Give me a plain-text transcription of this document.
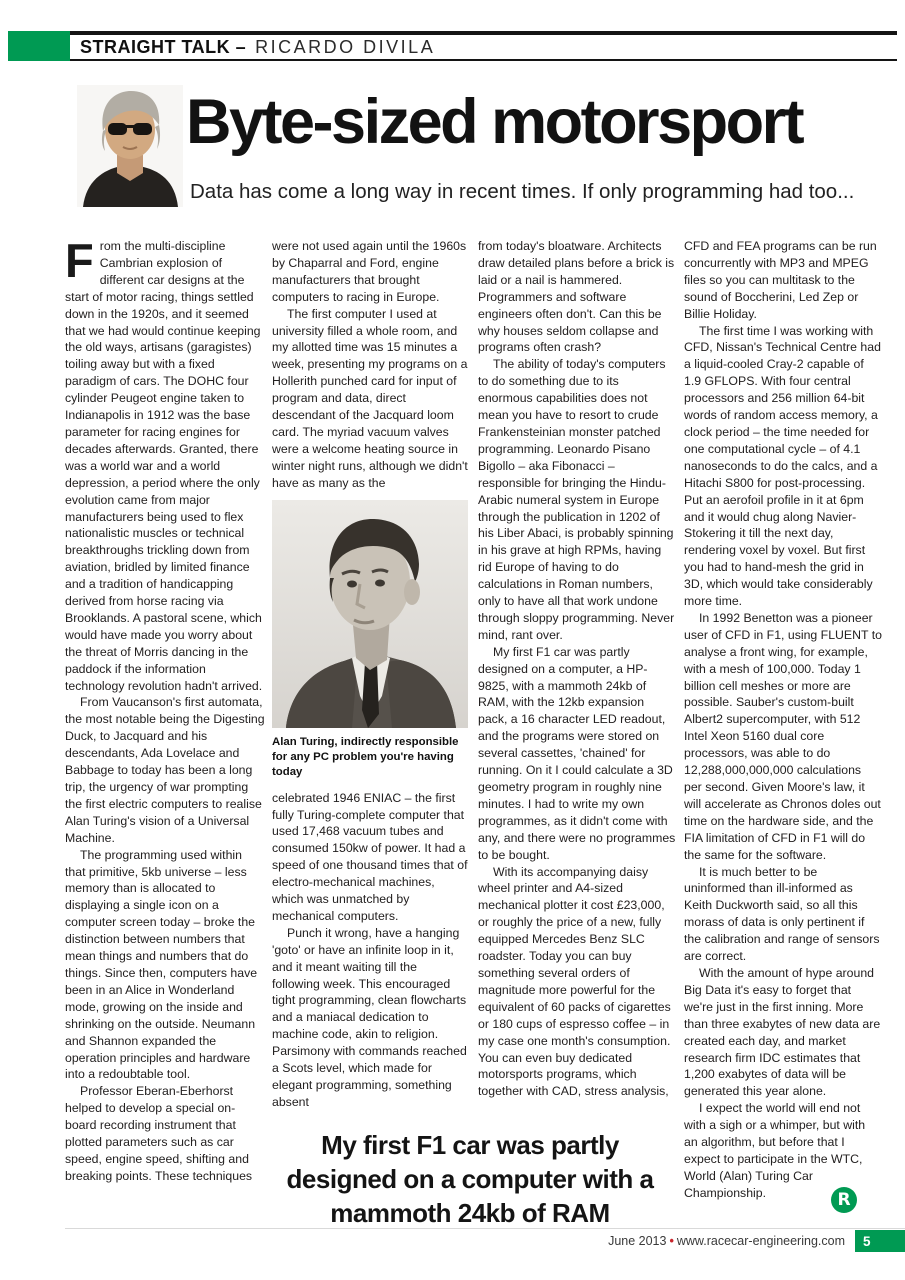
STRAIGHT TALK – RICARDO DIVILA
Byte-sized motorsport
Data has come a long way in recent times. If only programming had too...

From the multi-discipline Cambrian explosion of different car designs at the start of motor racing, things settled down in the 1920s, and it seemed that we had would continue keeping the old ways, artisans (garagistes) toiling away but with a fixed paradigm of cars. The DOHC four cylinder Peugeot engine taken to Indianapolis in 1912 was the base parameter for racing engines for decades afterwards. Granted, there was a world war and a world depression, a period where the only evolution came from major manufacturers being used to flex nationalistic muscles or technical breakthroughs trickling down from aviation, bridled by limited finance and a tradition of handicapping derived from horse racing via Brooklands. A pastoral scene, which would have made you worry about the threat of Morris dancing in the paddock if the information technology revolution hadn't arrived.

From Vaucanson's first automata, the most notable being the Digesting Duck, to Jacquard and his descendants, Ada Lovelace and Babbage to today has been a long trip, the urgency of war prompting the first electric computers to realise Alan Turing's vision of a Universal Machine.

The programming used within that primitive, 5kb universe – less memory than is allocated to displaying a single icon on a computer screen today – broke the distinction between numbers that mean things and numbers that do things. Since then, computers have been in an Alice in Wonderland mode, growing on the inside and shrinking on the outside. Neumann and Shannon expanded the operation principles and hardware into a redoubtable tool.

Professor Eberan-Eberhorst helped to develop a special on-board recording instrument that plotted parameters such as car speed, engine speed, shifting and breaking points. These techniques

were not used again until the 1960s by Chaparral and Ford, engine manufacturers that brought computers to racing in Europe.

The first computer I used at university filled a whole room, and my allotted time was 15 minutes a week, presenting my programs on a Hollerith punched card for input of program and data, direct descendant of the Jacquard loom card. The myriad vacuum valves were a welcome heating source in winter night runs, although we didn't have as many as the

Alan Turing, indirectly responsible for any PC problem you're having today

celebrated 1946 ENIAC – the first fully Turing-complete computer that used 17,468 vacuum tubes and consumed 150kw of power. It had a speed of one thousand times that of electro-mechanical machines, which was unmatched by mechanical computers.

Punch it wrong, have a hanging 'goto' or have an infinite loop in it, and it meant waiting till the following week. This encouraged tight programming, clean flowcharts and a maniacal dedication to machine code, akin to religion. Parsimony with commands reached a Scots level, which made for elegant programming, something absent

from today's bloatware. Architects draw detailed plans before a brick is laid or a nail is hammered. Programmers and software engineers often don't. Can this be why houses seldom collapse and programs often crash?

The ability of today's computers to do something due to its enormous capabilities does not mean you have to resort to crude Frankensteinian monster patched programming. Leonardo Pisano Bigollo – aka Fibonacci – responsible for bringing the Hindu-Arabic numeral system in Europe through the publication in 1202 of his Liber Abaci, is probably spinning in his grave at high RPMs, having rid Europe of having to do calculations in Roman numbers, only to have all that work undone through sloppy programming. Never mind, rant over.

My first F1 car was partly designed on a computer, a HP-9825, with a mammoth 24kb of RAM, with the 12kb expansion pack, a 16 character LED readout, and the programs were stored on several cassettes, 'chained' for running. On it I could calculate a 3D geometry program in roughly nine minutes. I had to write my own programmes, as it didn't come with any, and there were no programmes to be bought.

With its accompanying daisy wheel printer and A4-sized mechanical plotter it cost £23,000, or roughly the price of a new, fully equipped Mercedes Benz SLC roadster. Today you can buy something several orders of magnitude more powerful for the equivalent of 60 packs of cigarettes or 180 cups of espresso coffee – in my case one month's consumption. You can even buy dedicated motorsports programs, which together with CAD, stress analysis,

CFD and FEA programs can be run concurrently with MP3 and MPEG files so you can multitask to the sound of Boccherini, Led Zep or Billie Holiday.

The first time I was working with CFD, Nissan's Technical Centre had a liquid-cooled Cray-2 capable of 1.9 GFLOPS. With four central processors and 256 million 64-bit words of random access memory, a clock period – the time needed for one computational cycle – of 4.1 nanoseconds to do the calcs, and a Hitachi S800 for post-processing. Put an aerofoil profile in it at 6pm and it would chug along Navier-Stokering it till the next day, rendering voxel by voxel. But first you had to hand-mesh the grid in 3D, which would take considerably more time.

In 1992 Benetton was a pioneer user of CFD in F1, using FLUENT to analyse a front wing, for example, with a mesh of 100,000. Today 1 billion cell meshes or more are possible. Sauber's custom-built Albert2 supercomputer, with 512 Intel Xeon 5160 dual core processors, was able to do 12,288,000,000,000 calculations per second. Given Moore's law, it will accelerate as Chronos doles out time on the hardware side, and the FIA limitation of CFD in F1 will do the same for the software.

It is much better to be uninformed than ill-informed as Keith Duckworth said, so all this morass of data is only pertinent if the calibration and range of sensors are correct.

With the amount of hype around Big Data it's easy to forget that we're just in the first inning. More than three exabytes of new data are created each day, and market research firm IDC estimates that 1,200 exabytes of data will be generated this year alone.

I expect the world will end not with a sigh or a whimper, but with an algorithm, but before that I expect to participate in the WTC, World (Alan) Turing Car Championship.

My first F1 car was partly
designed on a computer with a
mammoth 24kb of RAM	R
June 2013 • www.racecar-engineering.com 5
